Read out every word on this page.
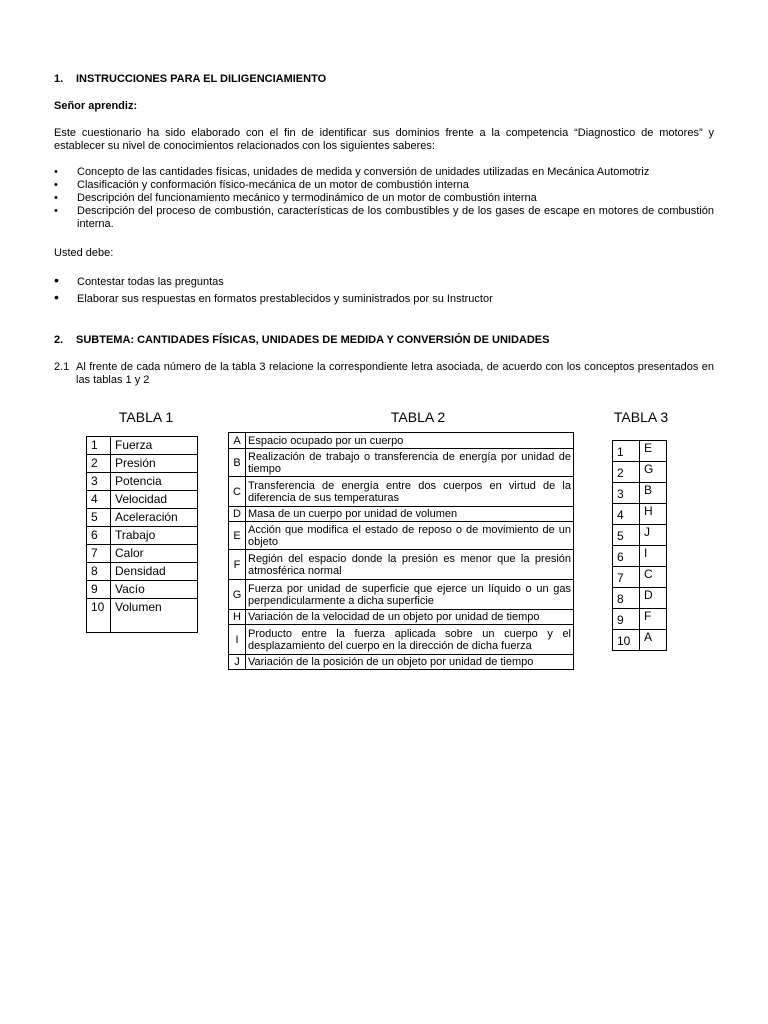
1. INSTRUCCIONES PARA EL DILIGENCIAMIENTO
Señor aprendiz:
Este cuestionario ha sido elaborado con el fin de identificar sus dominios frente a la competencia “Diagnostico de motores” y establecer su nivel de conocimientos relacionados con los siguientes saberes:
• Concepto de las cantidades físicas, unidades de medida y conversión de unidades utilizadas en Mecánica Automotriz
• Clasificación y conformación físico-mecánica de un motor de combustión interna
• Descripción del funcionamiento mecánico y termodinámico de un motor de combustión interna
• Descripción del proceso de combustión, características de los combustibles y de los gases de escape en motores de combustión interna.
Usted debe:
• Contestar todas las preguntas
• Elaborar sus respuestas en formatos prestablecidos y suministrados por su Instructor
2. SUBTEMA: CANTIDADES FÍSICAS, UNIDADES DE MEDIDA Y CONVERSIÓN DE UNIDADES
2.1 Al frente de cada número de la tabla 3 relacione la correspondiente letra asociada, de acuerdo con los conceptos presentados en las tablas 1 y 2
TABLA 1	TABLA 2	TABLA 3
1	Fuerza
2	Presión
3	Potencia
4	Velocidad
5	Aceleración
6	Trabajo
7	Calor
8	Densidad
9	Vacío
10	Volumen
A	Espacio ocupado por un cuerpo
B	Realización de trabajo o transferencia de energía por unidad de tiempo
C	Transferencia de energía entre dos cuerpos en virtud de la diferencia de sus temperaturas
D	Masa de un cuerpo por unidad de volumen
E	Acción que modifica el estado de reposo o de movimiento de un objeto
F	Región del espacio donde la presión es menor que la presión atmosférica normal
G	Fuerza por unidad de superficie que ejerce un líquido o un gas perpendicularmente a dicha superficie
H	Variación de la velocidad de un objeto por unidad de tiempo
I	Producto entre la fuerza aplicada sobre un cuerpo y el desplazamiento del cuerpo en la dirección de dicha fuerza
J	Variación de la posición de un objeto por unidad de tiempo
1	E
2	G
3	B
4	H
5	J
6	I
7	C
8	D
9	F
10	A
